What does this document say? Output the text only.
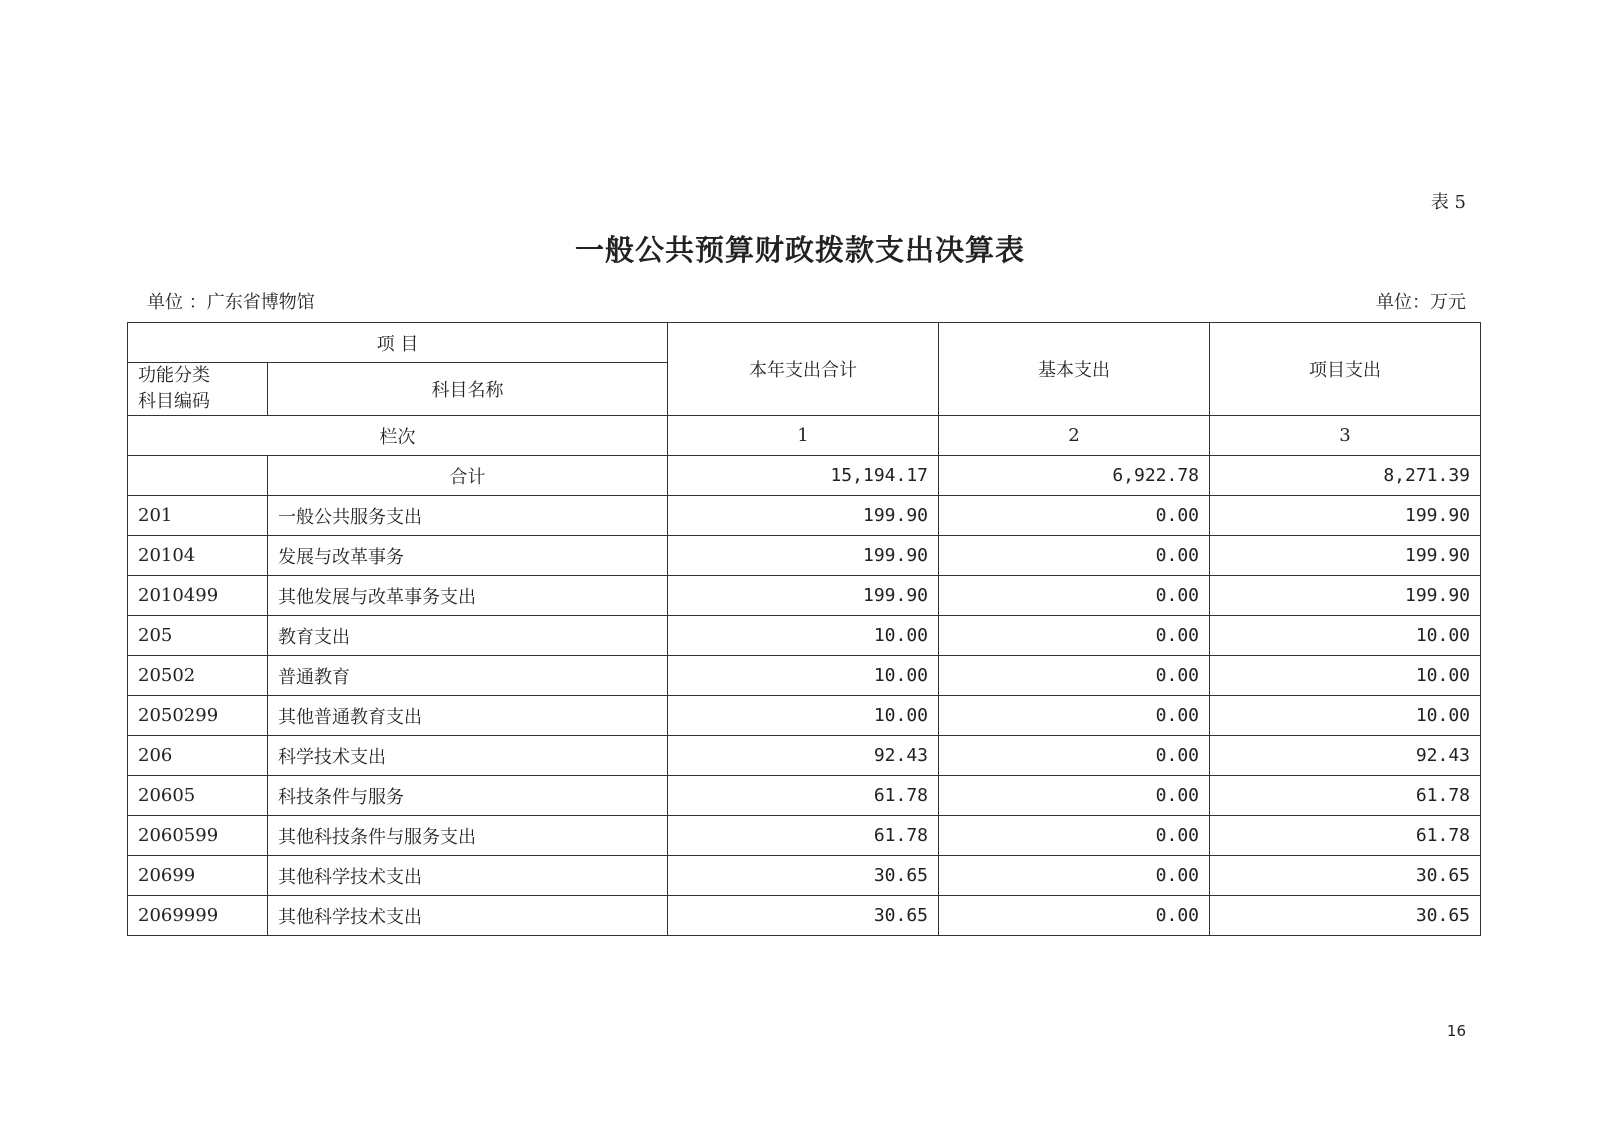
表 5
一般公共预算财政拨款支出决算表
单位 ：广东省博物馆	单位：万元
项 目		本年支出合计	基本支出	项目支出

功能分类
科目编码	科目名称			
栏次		1	2	3
	合计	15,194.17	6,922.78	8,271.39
201	一般公共服务支出	199.90	0.00	199.90
20104	发展与改革事务	199.90	0.00	199.90
2010499	其他发展与改革事务支出	199.90	0.00	199.90
205	教育支出	10.00	0.00	10.00
20502	普通教育	10.00	0.00	10.00
2050299	其他普通教育支出	10.00	0.00	10.00
206	科学技术支出	92.43	0.00	92.43
20605	科技条件与服务	61.78	0.00	61.78
2060599	其他科技条件与服务支出	61.78	0.00	61.78
20699	其他科学技术支出	30.65	0.00	30.65
2069999	其他科学技术支出	30.65	0.00	30.65
16
